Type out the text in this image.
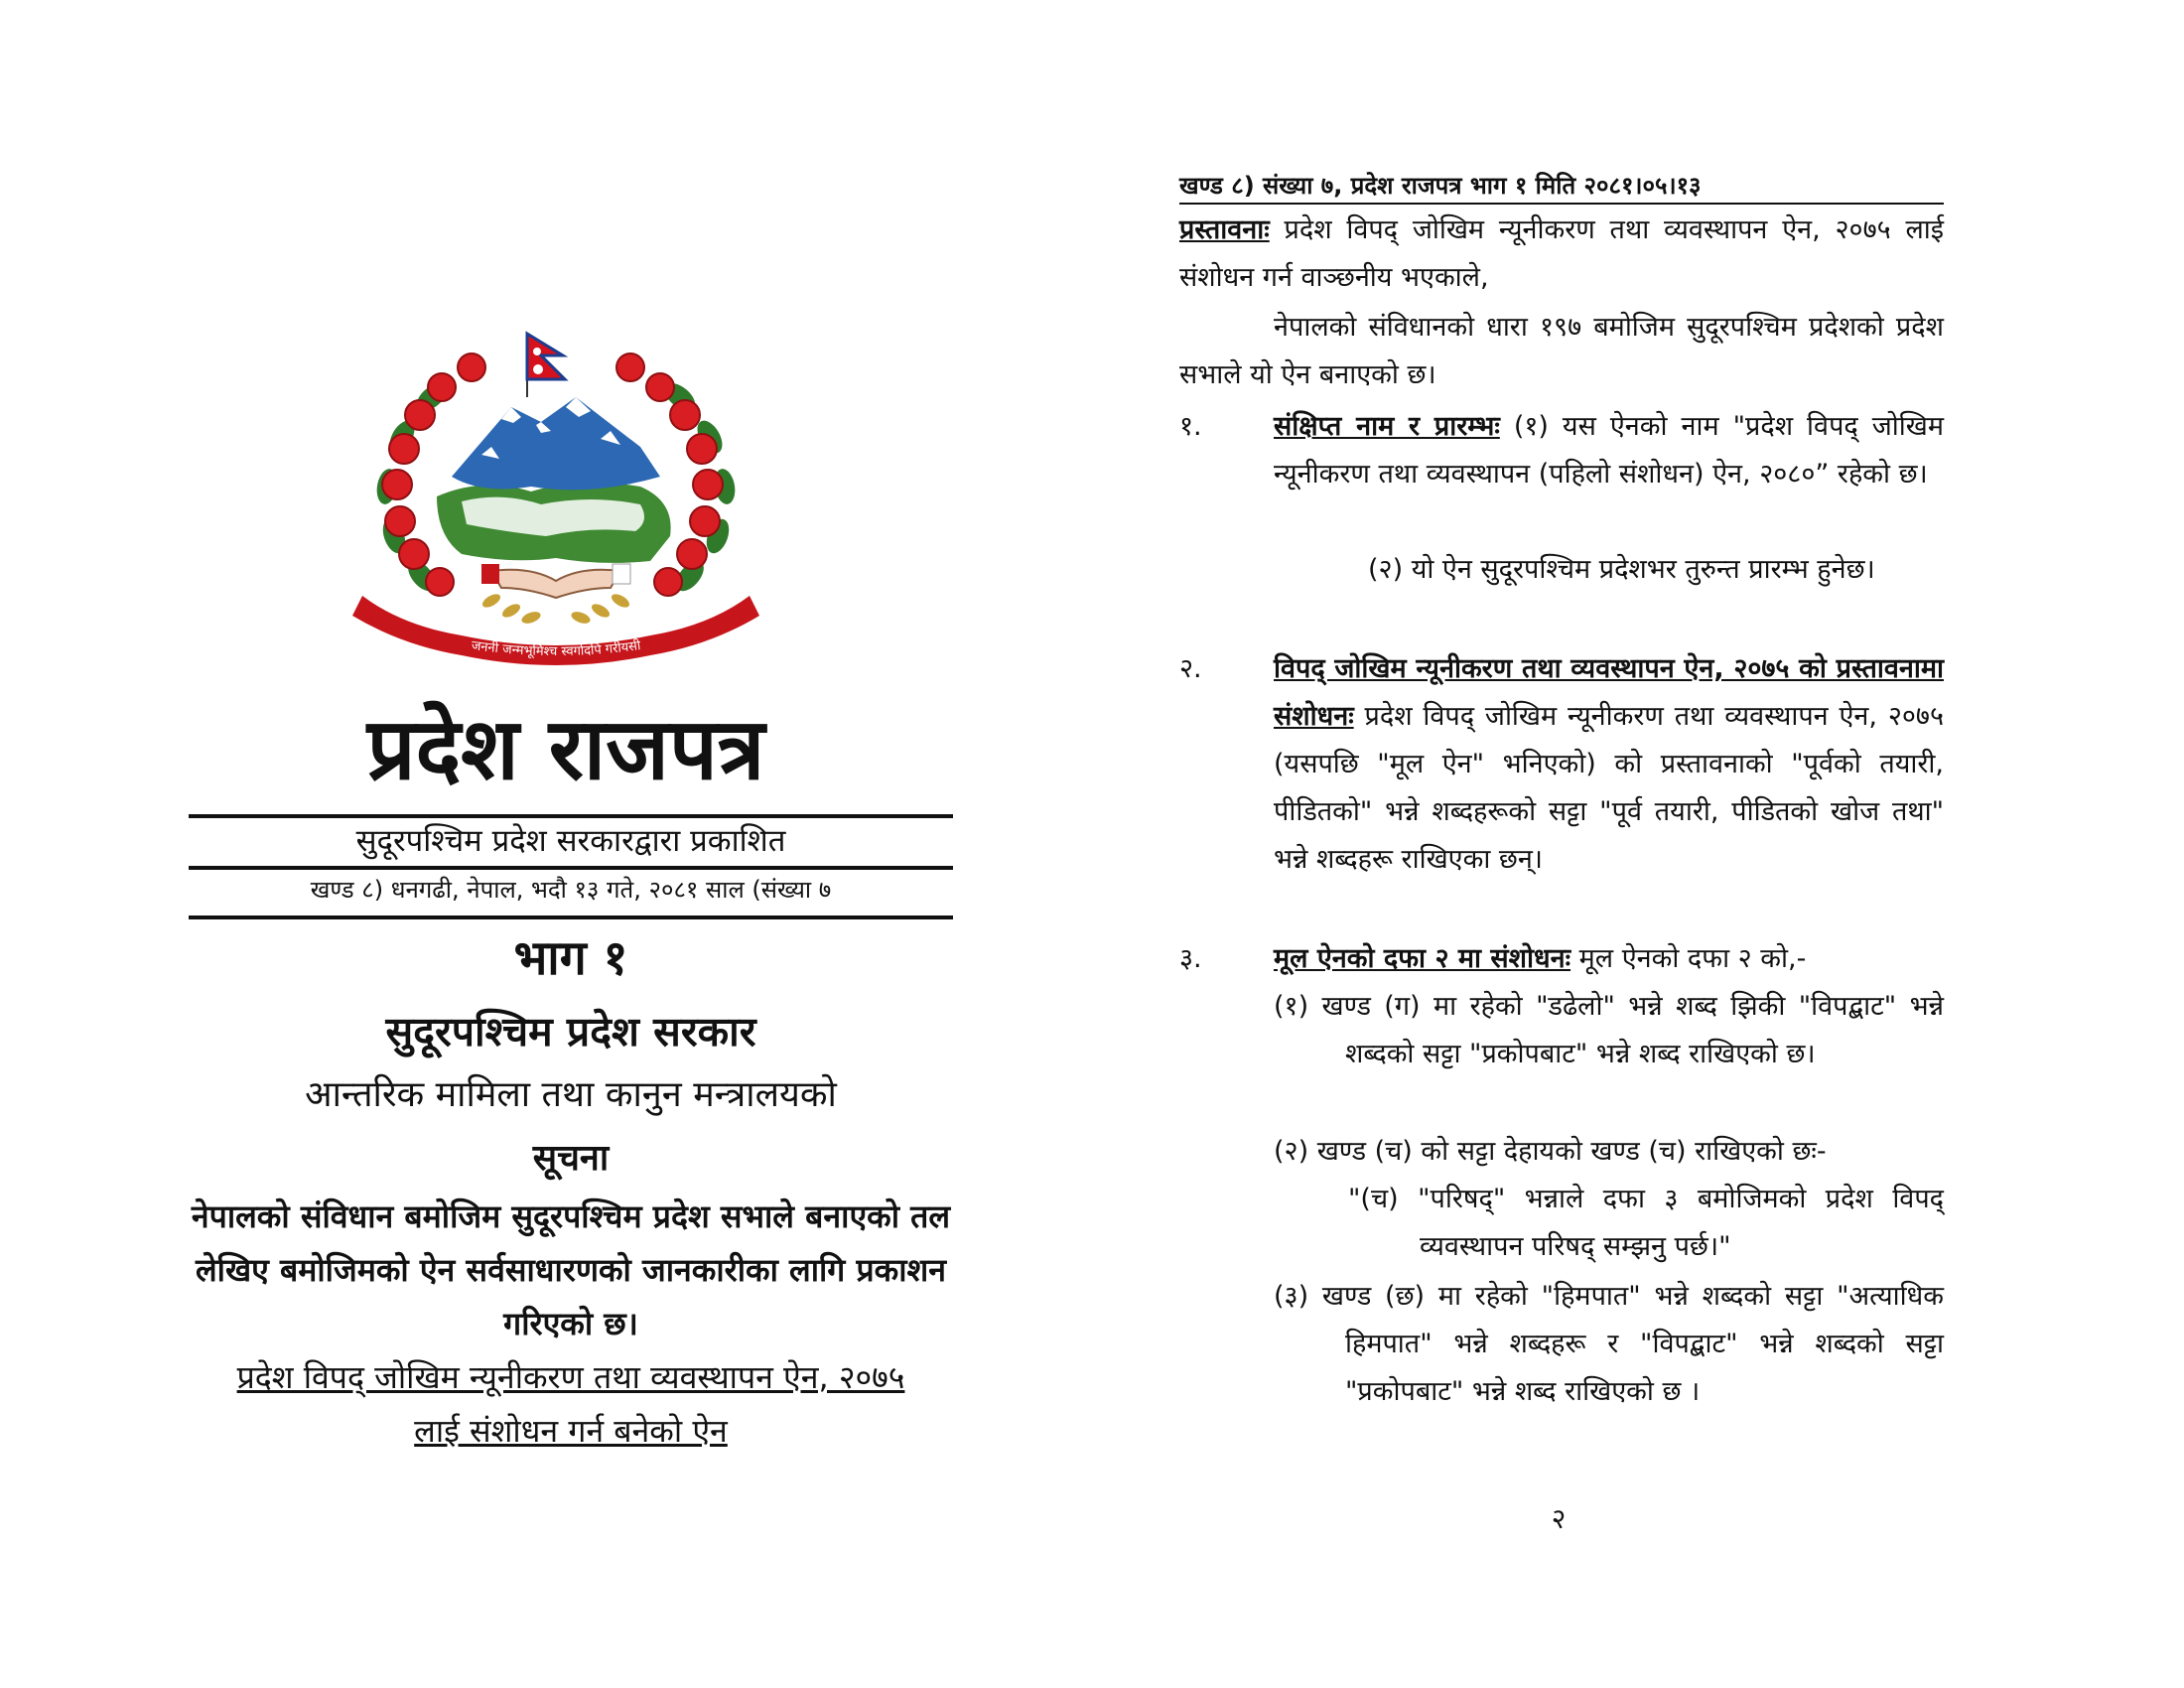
जननी जन्मभूमिश्च स्वर्गादपि गरीयसी
प्रदेश राजपत्र
सुदूरपश्चिम प्रदेश सरकारद्वारा प्रकाशित
खण्ड ८) धनगढी, नेपाल, भदौ १३ गते, २०८१ साल (संख्या ७
भाग १
सुदूरपश्चिम प्रदेश सरकार
आन्तरिक मामिला तथा कानुन मन्त्रालयको
सूचना
नेपालको संविधान बमोजिम सुदूरपश्चिम प्रदेश सभाले बनाएको तल लेखिए बमोजिमको ऐन सर्वसाधारणको जानकारीका लागि प्रकाशन गरिएको छ।
प्रदेश विपद् जोखिम न्यूनीकरण तथा व्यवस्थापन ऐन, २०७५
लाई संशोधन गर्न बनेको ऐन
खण्ड ८) संख्या ७, प्रदेश राजपत्र भाग १ मिति २०८१।०५।१३
प्रस्तावनाः प्रदेश विपद् जोखिम न्यूनीकरण तथा व्यवस्थापन ऐन, २०७५ लाई संशोधन गर्न वाञ्छनीय भएकाले,
नेपालको संविधानको धारा १९७ बमोजिम सुदूरपश्चिम प्रदेशको प्रदेश सभाले यो ऐन बनाएको छ।
१.	संक्षिप्त नाम र प्रारम्भः (१) यस ऐनको नाम "प्रदेश विपद् जोखिम न्यूनीकरण तथा व्यवस्थापन (पहिलो संशोधन) ऐन, २०८०” रहेको छ।
(२) यो ऐन सुदूरपश्चिम प्रदेशभर तुरुन्त प्रारम्भ हुनेछ।
२.	विपद् जोखिम न्यूनीकरण तथा व्यवस्थापन ऐन, २०७५ को प्रस्तावनामा संशोधनः प्रदेश विपद् जोखिम न्यूनीकरण तथा व्यवस्थापन ऐन, २०७५ (यसपछि "मूल ऐन" भनिएको) को प्रस्तावनाको "पूर्वको तयारी, पीडितको" भन्ने शब्दहरूको सट्टा "पूर्व तयारी, पीडितको खोज तथा" भन्ने शब्दहरू राखिएका छन्।
३.	मूल ऐनको दफा २ मा संशोधनः मूल ऐनको दफा २ को,-
(१) खण्ड (ग) मा रहेको "डढेलो" भन्ने शब्द झिकी "विपद्बाट" भन्ने शब्दको सट्टा "प्रकोपबाट" भन्ने शब्द राखिएको छ।
(२) खण्ड (च) को सट्टा देहायको खण्ड (च) राखिएको छः-
"(च) "परिषद्" भन्नाले दफा ३ बमोजिमको प्रदेश विपद् व्यवस्थापन परिषद् सम्झनु पर्छ।"
(३) खण्ड (छ) मा रहेको "हिमपात" भन्ने शब्दको सट्टा "अत्याधिक हिमपात" भन्ने शब्दहरू र "विपद्बाट" भन्ने शब्दको सट्टा "प्रकोपबाट" भन्ने शब्द राखिएको छ ।
२
